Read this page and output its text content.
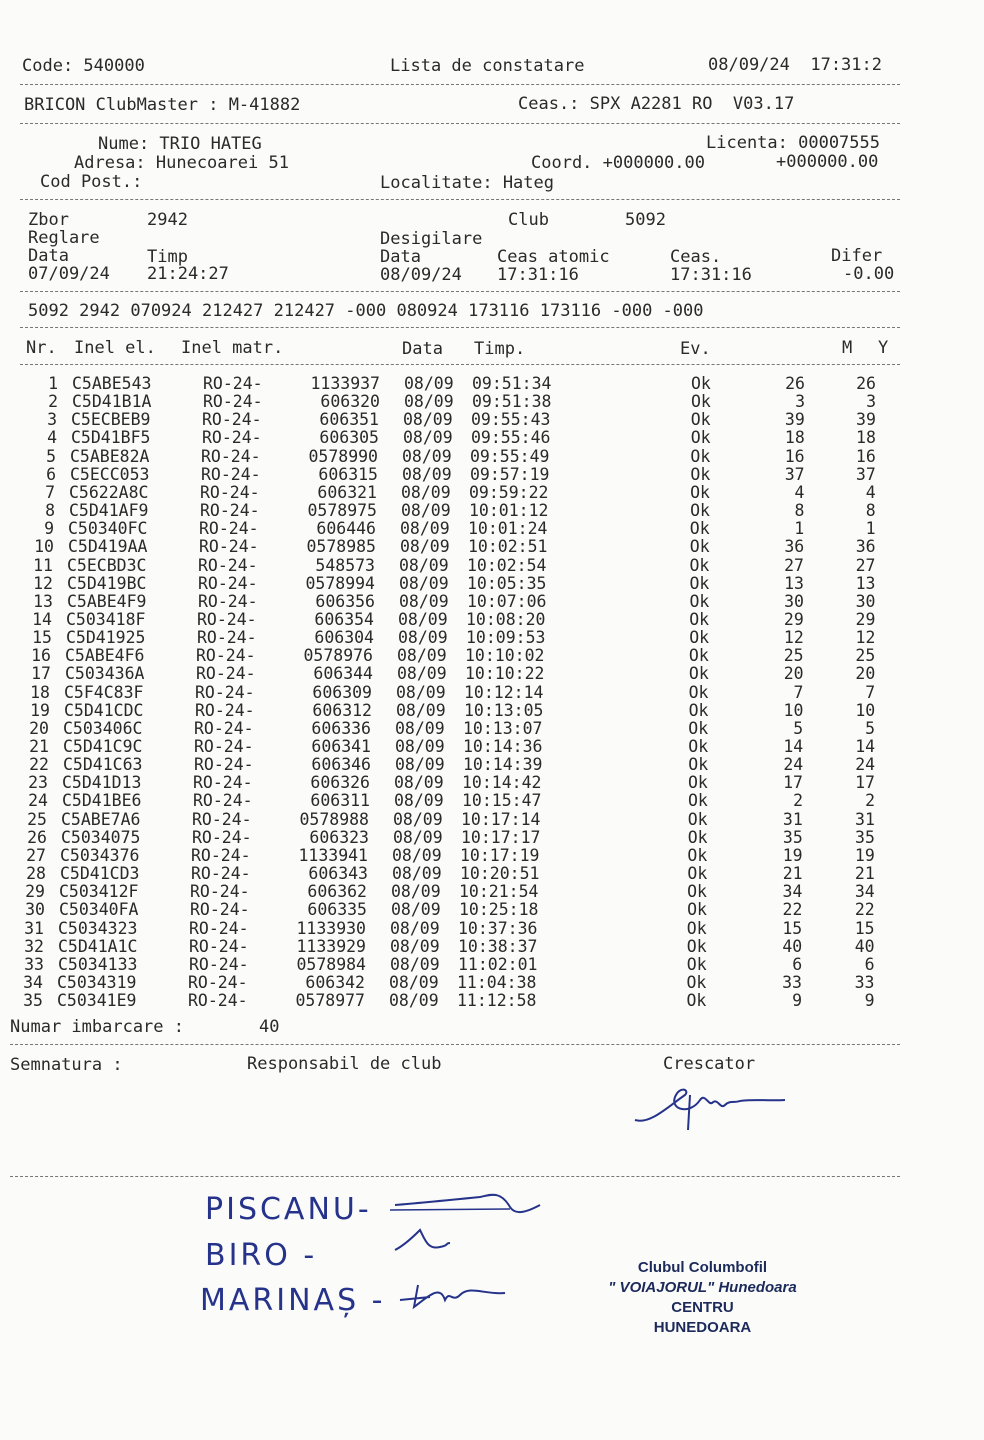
Code: 540000	Lista de constatare	08/09/24  17:31:2
BRICON ClubMaster : M-41882	Ceas.: SPX A2281 RO  V03.17
Nume: TRIO HATEG	Licenta: 00007555
Adresa: Hunecoarei 51	Coord. +000000.00	+000000.00
Cod Post.:	Localitate: Hateg
Zbor	2942	Club	5092
Reglare	Desigilare
Data	Timp	Data	Ceas atomic	Ceas.	Difer
07/09/24 21:24:27	08/09/24 17:31:16	17:31:16	-0.00
5092 2942 070924 212427 212427 -000 080924 173116 173116 -000 -000
Nr. Inel el. Inel matr.	Data Timp.	Ev.	M Y
1 C5ABE543	RO-24-	1133937 08/09 09:51:34	Ok	26	26
2 C5D41B1A	RO-24-	606320 08/09 09:51:38	Ok	3	3
3 C5ECBEB9	RO-24-	606351 08/09 09:55:43	Ok	39	39
4 C5D41BF5	RO-24-	606305 08/09 09:55:46	Ok	18	18
5 C5ABE82A	RO-24-	0578990 08/09 09:55:49	Ok	16	16
6 C5ECC053	RO-24-	606315 08/09 09:57:19	Ok	37	37
7 C5622A8C	RO-24-	606321 08/09 09:59:22	Ok	4	4
8 C5D41AF9	RO-24-	0578975 08/09 10:01:12	Ok	8	8
9 C50340FC	RO-24-	606446 08/09 10:01:24	Ok	1	1
10 C5D419AA	RO-24-	0578985 08/09 10:02:51	Ok	36	36
11 C5ECBD3C	RO-24-	548573 08/09 10:02:54	Ok	27	27
12 C5D419BC	RO-24-	0578994 08/09 10:05:35	Ok	13	13
13 C5ABE4F9	RO-24-	606356 08/09 10:07:06	Ok	30	30
14 C503418F	RO-24-	606354 08/09 10:08:20	Ok	29	29
15 C5D41925	RO-24-	606304 08/09 10:09:53	Ok	12	12
16 C5ABE4F6	RO-24-	0578976 08/09 10:10:02	Ok	25	25
17 C503436A	RO-24-	606344 08/09 10:10:22	Ok	20	20
18 C5F4C83F	RO-24-	606309 08/09 10:12:14	Ok	7	7
19 C5D41CDC	RO-24-	606312 08/09 10:13:05	Ok	10	10
20 C503406C	RO-24-	606336 08/09 10:13:07	Ok	5	5
21 C5D41C9C	RO-24-	606341 08/09 10:14:36	Ok	14	14
22 C5D41C63	RO-24-	606346 08/09 10:14:39	Ok	24	24
23 C5D41D13	RO-24-	606326 08/09 10:14:42	Ok	17	17
24 C5D41BE6	RO-24-	606311 08/09 10:15:47	Ok	2	2
25 C5ABE7A6	RO-24-	0578988 08/09 10:17:14	Ok	31	31
26 C5034075	RO-24-	606323 08/09 10:17:17	Ok	35	35
27 C5034376	RO-24-	1133941 08/09 10:17:19	Ok	19	19
28 C5D41CD3	RO-24-	606343 08/09 10:20:51	Ok	21	21
29 C503412F	RO-24-	606362 08/09 10:21:54	Ok	34	34
30 C50340FA	RO-24-	606335 08/09 10:25:18	Ok	22	22
31 C5034323	RO-24-	1133930 08/09 10:37:36	Ok	15	15
32 C5D41A1C	RO-24-	1133929 08/09 10:38:37	Ok	40	40
33 C5034133	RO-24-	0578984 08/09 11:02:01	Ok	6	6
34 C5034319	RO-24-	606342 08/09 11:04:38	Ok	33	33
35 C50341E9	RO-24-	0578977 08/09 11:12:58	Ok	9	9
Numar imbarcare :	40
Semnatura :	Responsabil de club	Crescator
PISCANU-
BIRO -
MARINAȘ -
Clubul Columbofil
" VOIAJORUL" Hunedoara
CENTRU
HUNEDOARA
